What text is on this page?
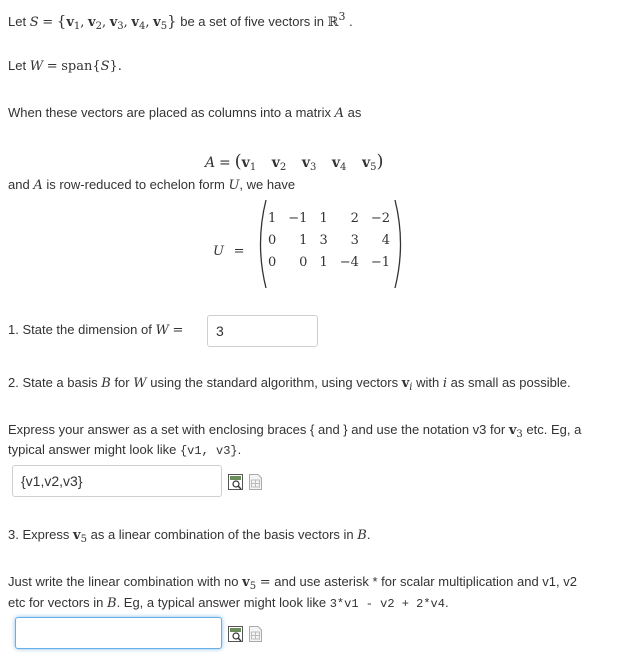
Let $S = \{v_1$, $v_2$, $v_3$, $v_4$, $v_5$} be a set of five vectors in ℝ$^3$ .
Let W = span{S}.
When these vectors are placed as columns into a matrix A as
$A = (v_1$ $v_2$ $v_3$ $v_4$ $v_5$)
and A is row-reduced to echelon form U, we have
U =
1	−1	1	2	−2
0	1	3	3	4
0	0	1	−4	−1
1. State the dimension of W =	3
2. State a basis B for W using the standard algorithm, using vectors $v_i$ with i as small as possible.
Express your answer as a set with enclosing braces { and } and use the notation v3 for $v_3$ etc. Eg, a
typical answer might look like {v1, v3}.
{v1,v2,v3}
3. Express $v_5$ as a linear combination of the basis vectors in B.
Just write the linear combination with no $v_5$ = and use asterisk * for scalar multiplication and v1, v2
etc for vectors in B. Eg, a typical answer might look like 3*v1 - v2 + 2*v4.
